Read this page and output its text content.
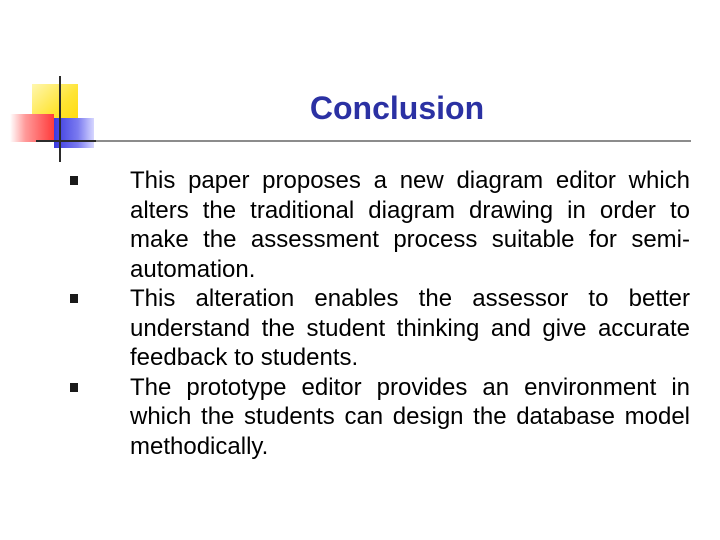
Conclusion
This paper proposes a new diagram editor which alters the traditional diagram drawing in order to make the assessment process suitable for semi-automation.
This alteration enables the assessor to better understand the student thinking and give accurate feedback to students.
The prototype editor provides an environment in which the students can design the database model methodically.
